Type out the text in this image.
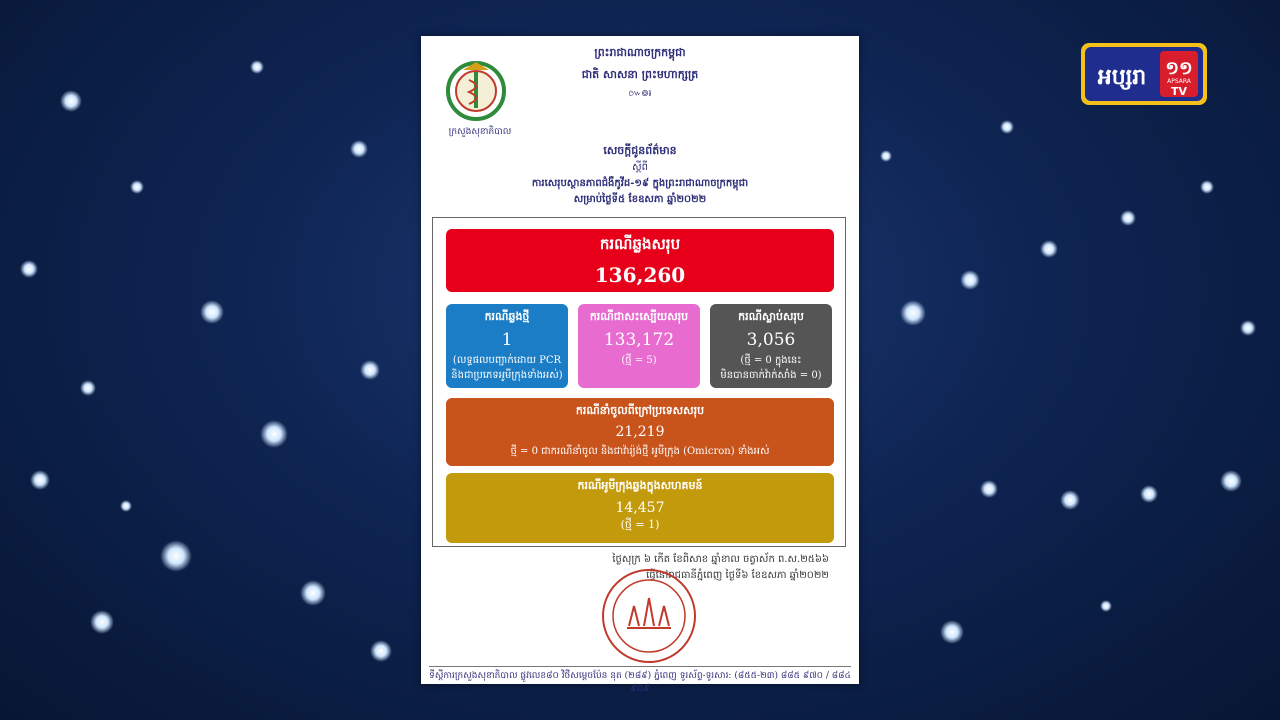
ព្រះរាជាណាចក្រកម្ពុជា
ជាតិ សាសនា ព្រះមហាក្សត្រ
៚៙៛
ក្រសួងសុខាភិបាល
សេចក្តីជូនព័ត៌មាន
ស្តីពី
ការសេរុបស្ថានភាពជំងឺកូវីដ-១៩ ក្នុងព្រះរាជាណាចក្រកម្ពុជា
សម្រាប់ថ្ងៃទី៥ ខែឧសភា ឆ្នាំ២០២២
ករណីឆ្លងសរុប
136,260
ករណីឆ្លងថ្មី
1
(លទ្ធផលបញ្ជាក់ដោយ PCR
និងជាប្រភេទអូមីក្រុងទាំងអស់)
ករណីជាសះស្បើយសរុប
133,172
(ថ្មី = 5)
ករណីស្លាប់សរុប
3,056
(ថ្មី = 0 ក្នុងនេះ
មិនបានចាក់វ៉ាក់សាំង = 0)
ករណីនាំចូលពីក្រៅប្រទេសសរុប
21,219
ថ្មី = 0 ជាករណីនាំចូល និងជាវ៉ារ្យ៉ង់ថ្មី អូមីក្រុង (Omicron) ទាំងអស់
ករណីអូមីក្រុងឆ្លងក្នុងសហគមន៍
14,457
(ថ្មី = 1)
ថ្ងៃសុក្រ ៦ កើត ខែពិសាខ ឆ្នាំខាល ចត្វាស័ក ព.ស.២៥៦៦
ធ្វើនៅរាជធានីភ្នំពេញ ថ្ងៃទី៦ ខែឧសភា ឆ្នាំ២០២២
ទីស្តីការក្រសួងសុខាភិបាល ផ្លូវលេខ៨០ វិថីសម្តេចប៉ែន នុត (២៨៩) ភ្នំពេញ ទូរស័ព្ទ-ទូរសារ: (៨៥៥-២៣) ៨៨៥ ៩៧០ / ៨៨៤ ៩០៩
អប្សរា ១១
APSARA
TV
